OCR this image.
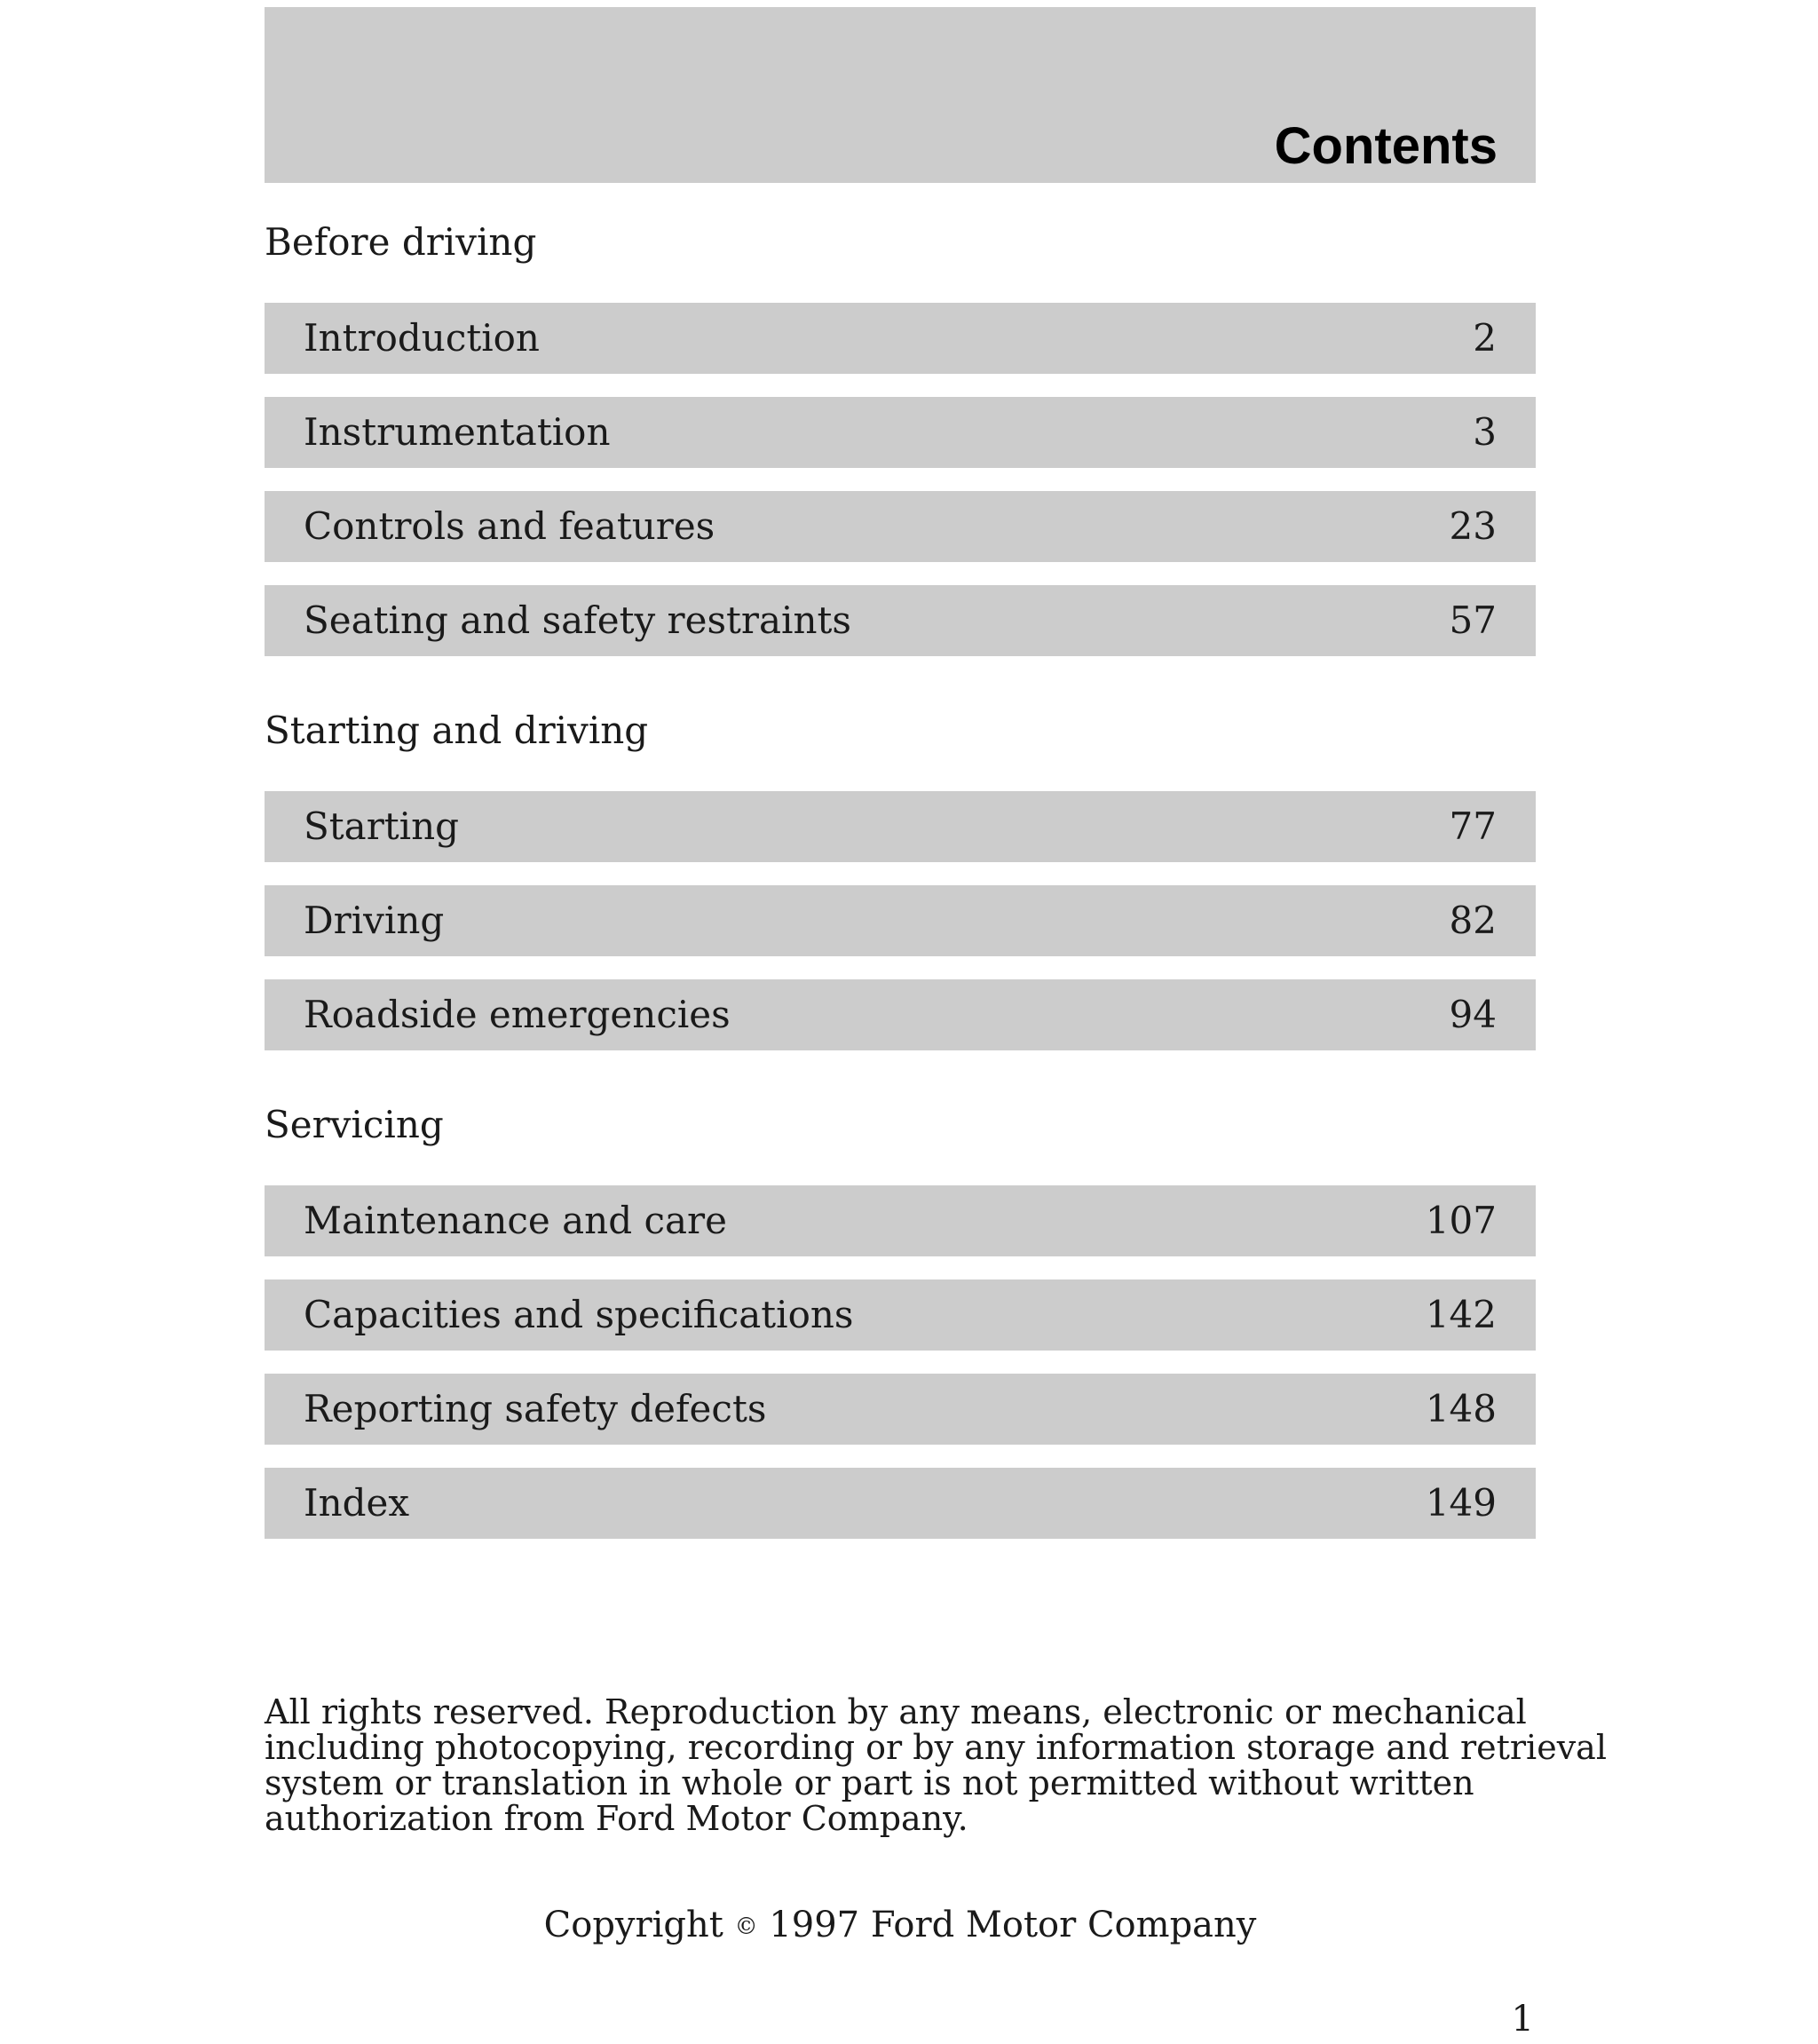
Contents
Before driving
Introduction	2
Instrumentation	3
Controls and features	23
Seating and safety restraints	57
Starting and driving
Starting	77
Driving	82
Roadside emergencies	94
Servicing
Maintenance and care	107
Capacities and specifications	142
Reporting safety defects	148
Index	149

All rights reserved. Reproduction by any means, electronic or mechanical

including photocopying, recording or by any information storage and retrieval

system or translation in whole or part is not permitted without written

authorization from Ford Motor Company.

Copyright © 1997 Ford Motor Company
1
